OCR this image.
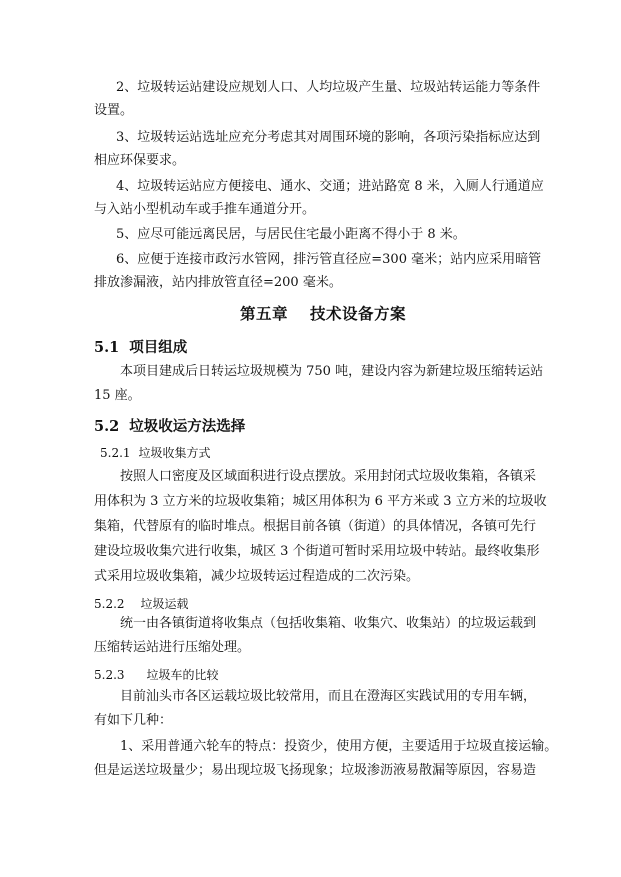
2、垃圾转运站建设应规划人口、人均垃圾产生量、垃圾站转运能力等条件
设置。
3、垃圾转运站选址应充分考虑其对周围环境的影响，各项污染指标应达到
相应环保要求。
4、垃圾转运站应方便接电、通水、交通；进站路宽 8 米，入厕人行通道应
与入站小型机动车或手推车通道分开。
5、应尽可能远离民居，与居民住宅最小距离不得小于 8 米。
6、应便于连接市政污水管网，排污管直径应=300 毫米；站内应采用暗管
排放渗漏液，站内排放管直径=200 毫米。
第五章 技术设备方案
5.1 项目组成
本项目建成后日转运垃圾规模为 750 吨，建设内容为新建垃圾压缩转运站
15 座。
5.2 垃圾收运方法选择
5.2.1 垃圾收集方式
按照人口密度及区域面积进行设点摆放。采用封闭式垃圾收集箱，各镇采
用体积为 3 立方米的垃圾收集箱；城区用体积为 6 平方米或 3 立方米的垃圾收
集箱，代替原有的临时堆点。根据目前各镇（街道）的具体情况，各镇可先行
建设垃圾收集穴进行收集，城区 3 个街道可暂时采用垃圾中转站。最终收集形
式采用垃圾收集箱，减少垃圾转运过程造成的二次污染。
5.2.2 垃圾运载
统一由各镇街道将收集点（包括收集箱、收集穴、收集站）的垃圾运载到
压缩转运站进行压缩处理。
5.2.3 垃圾车的比较
目前汕头市各区运载垃圾比较常用，而且在澄海区实践试用的专用车辆，
有如下几种：
1、采用普通六轮车的特点：投资少，使用方便，主要适用于垃圾直接运输。
但是运送垃圾量少；易出现垃圾飞扬现象；垃圾渗沥液易散漏等原因，容易造
